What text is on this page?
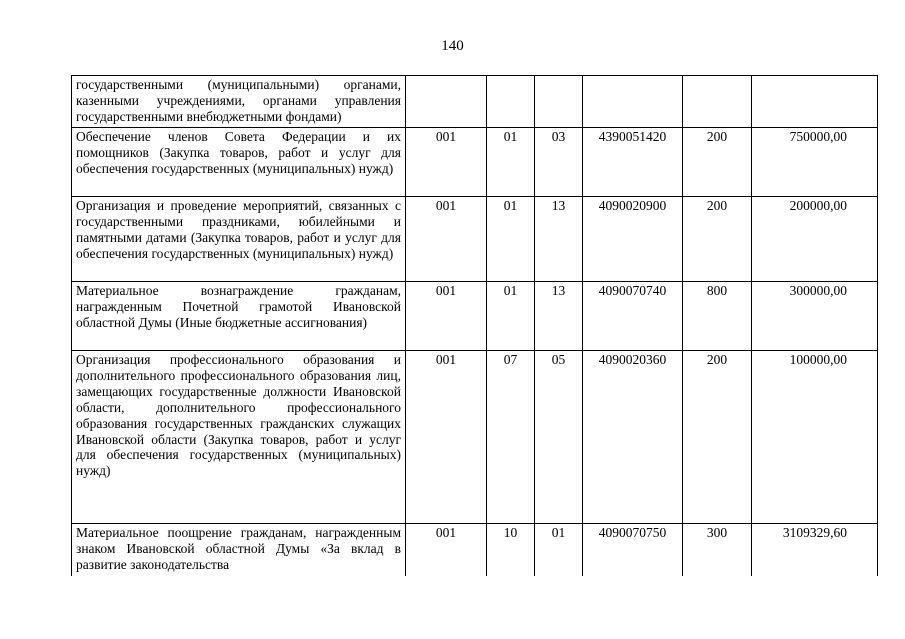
140
государственными (муниципальными) органами, казенными учреждениями, органами управления государственными внебюджетными фондами)						
Обеспечение членов Совета Федерации и их помощников (Закупка товаров, работ и услуг для обеспечения государственных (муниципальных) нужд)	001	01	03	4390051420	200	750000,00
Организация и проведение мероприятий, связанных с государственными праздниками, юбилейными и памятными датами (Закупка товаров, работ и услуг для обеспечения государственных (муниципальных) нужд)	001	01	13	4090020900	200	200000,00
Материальное вознаграждение гражданам, награжденным Почетной грамотой Ивановской областной Думы (Иные бюджетные ассигнования)	001	01	13	4090070740	800	300000,00
Организация профессионального образования и дополнительного профессионального образования лиц, замещающих государственные должности Ивановской области, дополнительного профессионального образования государственных гражданских служащих Ивановской области (Закупка товаров, работ и услуг для обеспечения государственных (муниципальных) нужд)	001	07	05	4090020360	200	100000,00

Материальное поощрение гражданам, награжденным знаком Ивановской областной Думы «За вклад в развитие законодательства	001	10	01	4090070750	300	3109329,60
